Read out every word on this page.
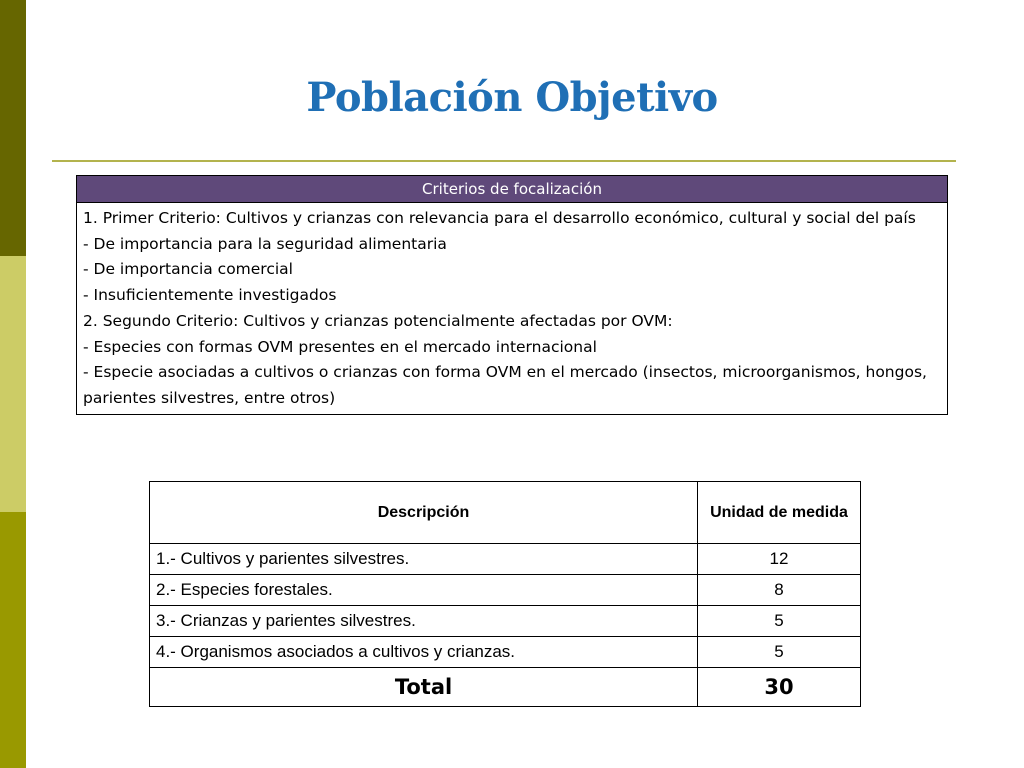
Población Objetivo
Criterios de focalización

1. Primer Criterio: Cultivos y crianzas con relevancia para el desarrollo económico, cultural y social del país
- De importancia para la seguridad alimentaria
- De importancia comercial
- Insuficientemente investigados
2. Segundo Criterio: Cultivos y crianzas potencialmente afectadas por OVM:
- Especies con formas OVM presentes en el mercado internacional
- Especie asociadas a cultivos o crianzas con forma OVM en el mercado (insectos, microorganismos, hongos, parientes silvestres, entre otros)
Descripción	Unidad de medida
1.- Cultivos y parientes silvestres.	12
2.- Especies forestales.	8
3.- Crianzas y parientes silvestres.	5
4.- Organismos asociados a cultivos y crianzas.	5
Total	30
